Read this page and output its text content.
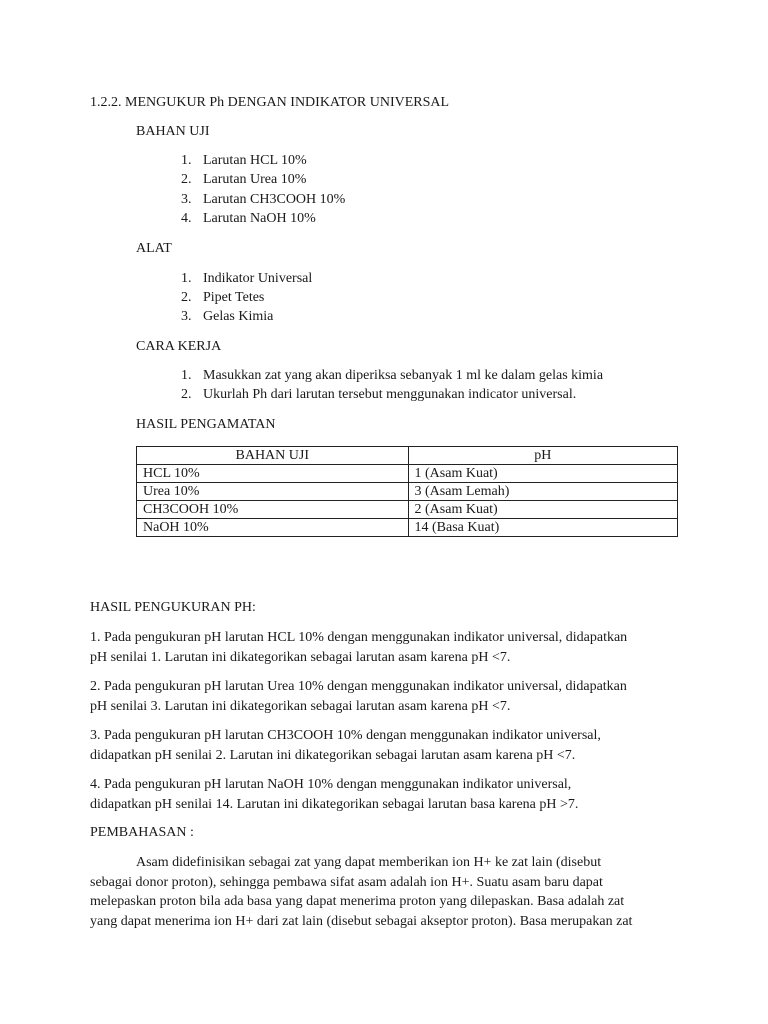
1.2.2. MENGUKUR Ph DENGAN INDIKATOR UNIVERSAL
BAHAN UJI
1. Larutan HCL 10%
2. Larutan Urea 10%
3. Larutan CH3COOH 10%
4. Larutan NaOH 10%
ALAT
1. Indikator Universal
2. Pipet Tetes
3. Gelas Kimia
CARA KERJA
1. Masukkan zat yang akan diperiksa sebanyak 1 ml ke dalam gelas kimia
2. Ukurlah Ph dari larutan tersebut menggunakan indicator universal.
HASIL PENGAMATAN
BAHAN UJI	pH
HCL 10%	1 (Asam Kuat)
Urea 10%	3 (Asam Lemah)
CH3COOH 10%	2 (Asam Kuat)
NaOH 10%	14 (Basa Kuat)
HASIL PENGUKURAN PH:
1. Pada pengukuran pH larutan HCL 10% dengan menggunakan indikator universal, didapatkan
pH senilai 1. Larutan ini dikategorikan sebagai larutan asam karena pH <7.
2. Pada pengukuran pH larutan Urea 10% dengan menggunakan indikator universal, didapatkan
pH senilai 3. Larutan ini dikategorikan sebagai larutan asam karena pH <7.
3. Pada pengukuran pH larutan CH3COOH 10% dengan menggunakan indikator universal,
didapatkan pH senilai 2. Larutan ini dikategorikan sebagai larutan asam karena pH <7.
4. Pada pengukuran pH larutan NaOH 10% dengan menggunakan indikator universal,
didapatkan pH senilai 14. Larutan ini dikategorikan sebagai larutan basa karena pH >7.
PEMBAHASAN :
Asam didefinisikan sebagai zat yang dapat memberikan ion H+ ke zat lain (disebut
sebagai donor proton), sehingga pembawa sifat asam adalah ion H+. Suatu asam baru dapat
melepaskan proton bila ada basa yang dapat menerima proton yang dilepaskan. Basa adalah zat
yang dapat menerima ion H+ dari zat lain (disebut sebagai akseptor proton). Basa merupakan zat
